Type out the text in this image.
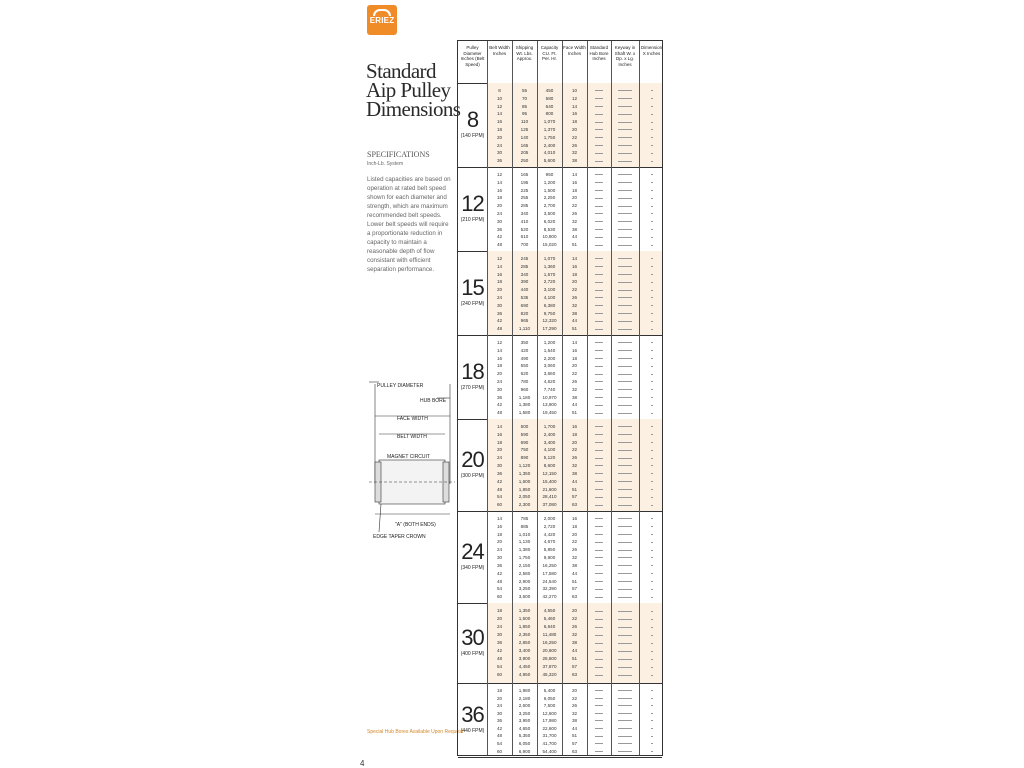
ERIEZ
Standard Aip Pulley Dimensions
SPECIFICATIONS
Inch-Lb. System
Listed capacities are based on operation at rated belt speed shown for each diameter and strength, which are maximum recommended belt speeds. Lower belt speeds will require a proportionate reduction in capacity to maintain a reasonable depth of flow consistant with efficient separation performance.
PULLEY DIAMETER
HUB BORE
FACE WIDTH
BELT WIDTH
MAGNET CIRCUIT
"A" (BOTH ENDS)
EDGE TAPER CROWN
Special Hub Bores Available Upon Request
4
Pulley Diameter Inches (Belt Speed)
Belt Width Inches
Shipping Wt. Lbs. Approx.
Capacity CU. Ft. Per. Hr.
Face Width Inches
Standard Hub Bore Inches
Keyway in Shaft W. x Dp. x Lg. Inches
Dimension X Inches
8
(140 FPM)
8
10
12
14
16
18
20
24
30
36
55
70
85
95
110
125
140
165
205
250
450
580
640
800
1,070
1,370
1,750
2,400
4,010
5,600
10
12
14
16
18
20
22
26
32
38
12
(210 FPM)
12
14
16
18
20
24
30
36
42
48
165
195
225
255
285
340
410
520
610
700
950
1,200
1,500
2,250
2,700
3,500
6,020
8,530
10,800
15,020
14
16
18
20
22
26
32
38
44
51
15
(240 FPM)
12
14
16
18
20
24
30
36
42
48
245
285
340
390
440
535
690
820
965
1,110
1,070
1,360
1,570
2,720
3,100
4,100
6,380
9,750
12,320
17,290
14
16
18
20
22
26
32
38
44
51
18
(270 FPM)
12
14
16
18
20
24
30
36
42
48
350
420
490
550
620
780
960
1,180
1,380
1,580
1,200
1,540
2,200
3,060
3,660
4,620
7,740
10,970
13,900
19,450
14
16
18
20
22
26
32
38
44
51
20
(300 FPM)
14
16
18
20
24
30
36
42
48
54
60
500
590
690
750
890
1,120
1,350
1,600
1,850
2,050
2,300
1,700
2,400
3,400
4,100
5,120
8,600
12,150
15,400
21,600
28,410
37,080
16
18
20
22
26
32
38
44
51
57
63
24
(340 FPM)
14
16
18
20
24
30
36
42
48
54
60
785
885
1,010
1,130
1,380
1,750
2,150
2,580
2,900
3,250
3,600
2,000
2,720
4,420
4,670
5,850
9,800
16,250
17,580
24,540
32,390
42,270
16
18
20
22
26
32
38
44
51
57
63
30
(400 FPM)
18
20
24
30
36
42
48
54
60
1,350
1,500
1,850
2,350
2,850
3,400
3,900
4,450
4,950
4,550
5,460
6,640
11,480
16,250
20,600
28,800
37,870
45,320
20
22
26
32
38
44
51
57
63
36
(440 FPM)
18
20
24
30
36
42
48
54
60
1,980
2,180
2,600
3,250
3,950
4,650
5,350
6,050
6,900
5,400
6,050
7,500
12,600
17,980
22,600
31,700
41,700
54,400
20
22
26
32
38
44
51
57
63
